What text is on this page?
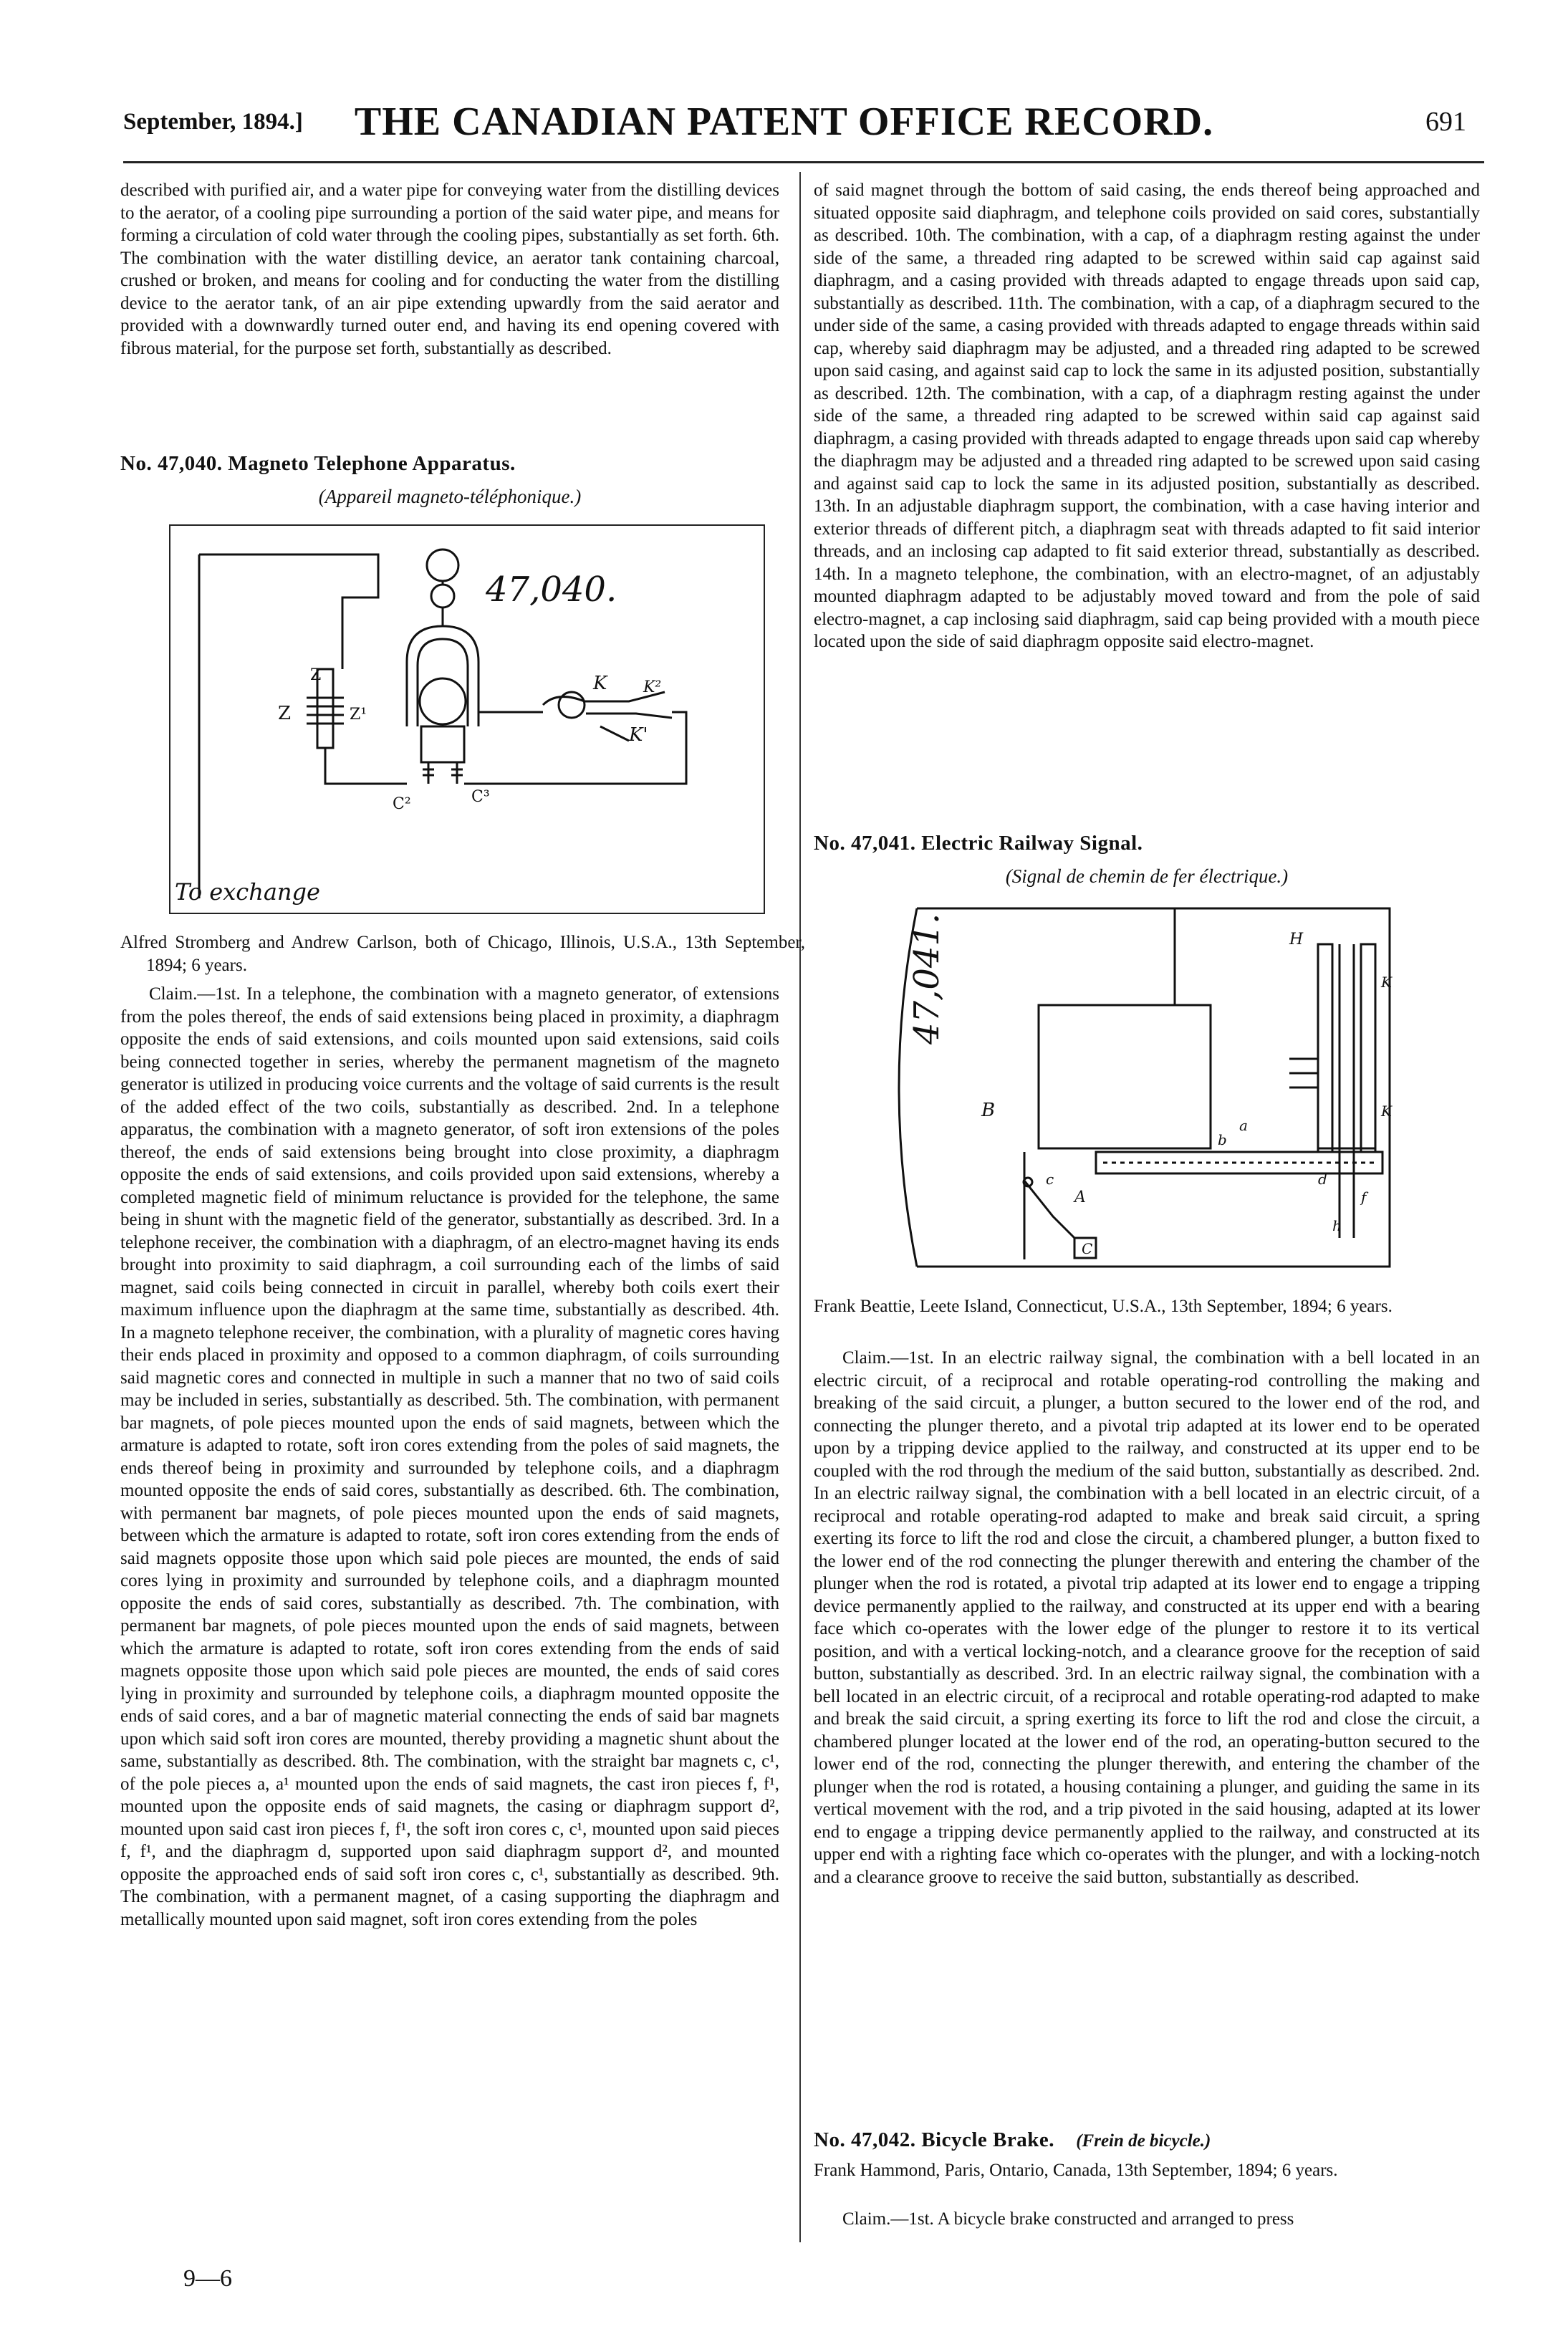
September, 1894.]	THE CANADIAN PATENT OFFICE RECORD.	691

described with purified air, and a water pipe for conveying water from the distilling devices to the aerator, of a cooling pipe surrounding a portion of the said water pipe, and means for forming a circulation of cold water through the cooling pipes, substantially as set forth. 6th. The combination with the water distilling device, an aerator tank containing charcoal, crushed or broken, and means for cooling and for conducting the water from the distilling device to the aerator tank, of an air pipe extending upwardly from the said aerator and provided with a downwardly turned outer end, and having its end opening covered with fibrous material, for the purpose set forth, substantially as described.

No. 47,040. Magneto Telephone Apparatus.
(Appareil magneto-téléphonique.)
47,040.
Z
Z
Z¹
C²	C³
K K²
K'
To exchange
Alfred Stromberg and Andrew Carlson, both of Chicago, Illinois, U.S.A., 13th September, 1894; 6 years.

Claim.—1st. In a telephone, the combination with a magneto generator, of extensions from the poles thereof, the ends of said extensions being placed in proximity, a diaphragm opposite the ends of said extensions, and coils mounted upon said extensions, said coils being connected together in series, whereby the permanent magnetism of the magneto generator is utilized in producing voice currents and the voltage of said currents is the result of the added effect of the two coils, substantially as described. 2nd. In a telephone apparatus, the combination with a magneto generator, of soft iron extensions of the poles thereof, the ends of said extensions being brought into close proximity, a diaphragm opposite the ends of said extensions, and coils provided upon said extensions, whereby a completed magnetic field of minimum reluctance is provided for the telephone, the same being in shunt with the magnetic field of the generator, substantially as described. 3rd. In a telephone receiver, the combination with a diaphragm, of an electro-magnet having its ends brought into proximity to said diaphragm, a coil surrounding each of the limbs of said magnet, said coils being connected in circuit in parallel, whereby both coils exert their maximum influence upon the diaphragm at the same time, substantially as described. 4th. In a magneto telephone receiver, the combination, with a plurality of magnetic cores having their ends placed in proximity and opposed to a common diaphragm, of coils surrounding said magnetic cores and connected in multiple in such a manner that no two of said coils may be included in series, substantially as described. 5th. The combination, with permanent bar magnets, of pole pieces mounted upon the ends of said magnets, between which the armature is adapted to rotate, soft iron cores extending from the poles of said magnets, the ends thereof being in proximity and surrounded by telephone coils, and a diaphragm mounted opposite the ends of said cores, substantially as described. 6th. The combination, with permanent bar magnets, of pole pieces mounted upon the ends of said magnets, between which the armature is adapted to rotate, soft iron cores extending from the ends of said magnets opposite those upon which said pole pieces are mounted, the ends of said cores lying in proximity and surrounded by telephone coils, and a diaphragm mounted opposite the ends of said cores, substantially as described. 7th. The combination, with permanent bar magnets, of pole pieces mounted upon the ends of said magnets, between which the armature is adapted to rotate, soft iron cores extending from the ends of said magnets opposite those upon which said pole pieces are mounted, the ends of said cores lying in proximity and surrounded by telephone coils, a diaphragm mounted opposite the ends of said cores, and a bar of magnetic material connecting the ends of said bar magnets upon which said soft iron cores are mounted, thereby providing a magnetic shunt about the same, substantially as described. 8th. The combination, with the straight bar magnets c, c¹, of the pole pieces a, a¹ mounted upon the ends of said magnets, the cast iron pieces f, f¹, mounted upon the opposite ends of said magnets, the casing or diaphragm support d², mounted upon said cast iron pieces f, f¹, the soft iron cores c, c¹, mounted upon said pieces f, f¹, and the diaphragm d, supported upon said diaphragm support d², and mounted opposite the approached ends of said soft iron cores c, c¹, substantially as described. 9th. The combination, with a permanent magnet, of a casing supporting the diaphragm and metallically mounted upon said magnet, soft iron cores extending from the poles

of said magnet through the bottom of said casing, the ends thereof being approached and situated opposite said diaphragm, and telephone coils provided on said cores, substantially as described. 10th. The combination, with a cap, of a diaphragm resting against the under side of the same, a threaded ring adapted to be screwed within said cap against said diaphragm, and a casing provided with threads adapted to engage threads upon said cap, substantially as described. 11th. The combination, with a cap, of a diaphragm secured to the under side of the same, a casing provided with threads adapted to engage threads within said cap, whereby said diaphragm may be adjusted, and a threaded ring adapted to be screwed upon said casing, and against said cap to lock the same in its adjusted position, substantially as described. 12th. The combination, with a cap, of a diaphragm resting against the under side of the same, a threaded ring adapted to be screwed within said cap against said diaphragm, a casing provided with threads adapted to engage threads upon said cap whereby the diaphragm may be adjusted and a threaded ring adapted to be screwed upon said casing and against said cap to lock the same in its adjusted position, substantially as described. 13th. In an adjustable diaphragm support, the combination, with a case having interior and exterior threads of different pitch, a diaphragm seat with threads adapted to fit said interior threads, and an inclosing cap adapted to fit said exterior thread, substantially as described. 14th. In a magneto telephone, the combination, with an electro-magnet, of an adjustably mounted diaphragm adapted to be adjustably moved toward and from the pole of said electro-magnet, a cap inclosing said diaphragm, said cap being provided with a mouth piece located upon the side of said diaphragm opposite said electro-magnet.

No. 47,041. Electric Railway Signal.
(Signal de chemin de fer électrique.)
47,041.
B
A
C
H
K
K
a
b
c	d
f
h
Frank Beattie, Leete Island, Connecticut, U.S.A., 13th September, 1894; 6 years.

Claim.—1st. In an electric railway signal, the combination with a bell located in an electric circuit, of a reciprocal and rotable operating-rod controlling the making and breaking of the said circuit, a plunger, a button secured to the lower end of the rod, and connecting the plunger thereto, and a pivotal trip adapted at its lower end to be operated upon by a tripping device applied to the railway, and constructed at its upper end to be coupled with the rod through the medium of the said button, substantially as described. 2nd. In an electric railway signal, the combination with a bell located in an electric circuit, of a reciprocal and rotable operating-rod adapted to make and break said circuit, a spring exerting its force to lift the rod and close the circuit, a chambered plunger, a button fixed to the lower end of the rod connecting the plunger therewith and entering the chamber of the plunger when the rod is rotated, a pivotal trip adapted at its lower end to engage a tripping device permanently applied to the railway, and constructed at its upper end with a bearing face which co-operates with the lower edge of the plunger to restore it to its vertical position, and with a vertical locking-notch, and a clearance groove for the reception of said button, substantially as described. 3rd. In an electric railway signal, the combination with a bell located in an electric circuit, of a reciprocal and rotable operating-rod adapted to make and break the said circuit, a spring exerting its force to lift the rod and close the circuit, a chambered plunger located at the lower end of the rod, an operating-button secured to the lower end of the rod, connecting the plunger therewith, and entering the chamber of the plunger when the rod is rotated, a housing containing a plunger, and guiding the same in its vertical movement with the rod, and a trip pivoted in the said housing, adapted at its lower end to engage a tripping device permanently applied to the railway, and constructed at its upper end with a righting face which co-operates with the plunger, and with a locking-notch and a clearance groove to receive the said button, substantially as described.

No. 47,042. Bicycle Brake. (Frein de bicycle.)
Frank Hammond, Paris, Ontario, Canada, 13th September, 1894; 6 years.
Claim.—1st. A bicycle brake constructed and arranged to press
9—6
